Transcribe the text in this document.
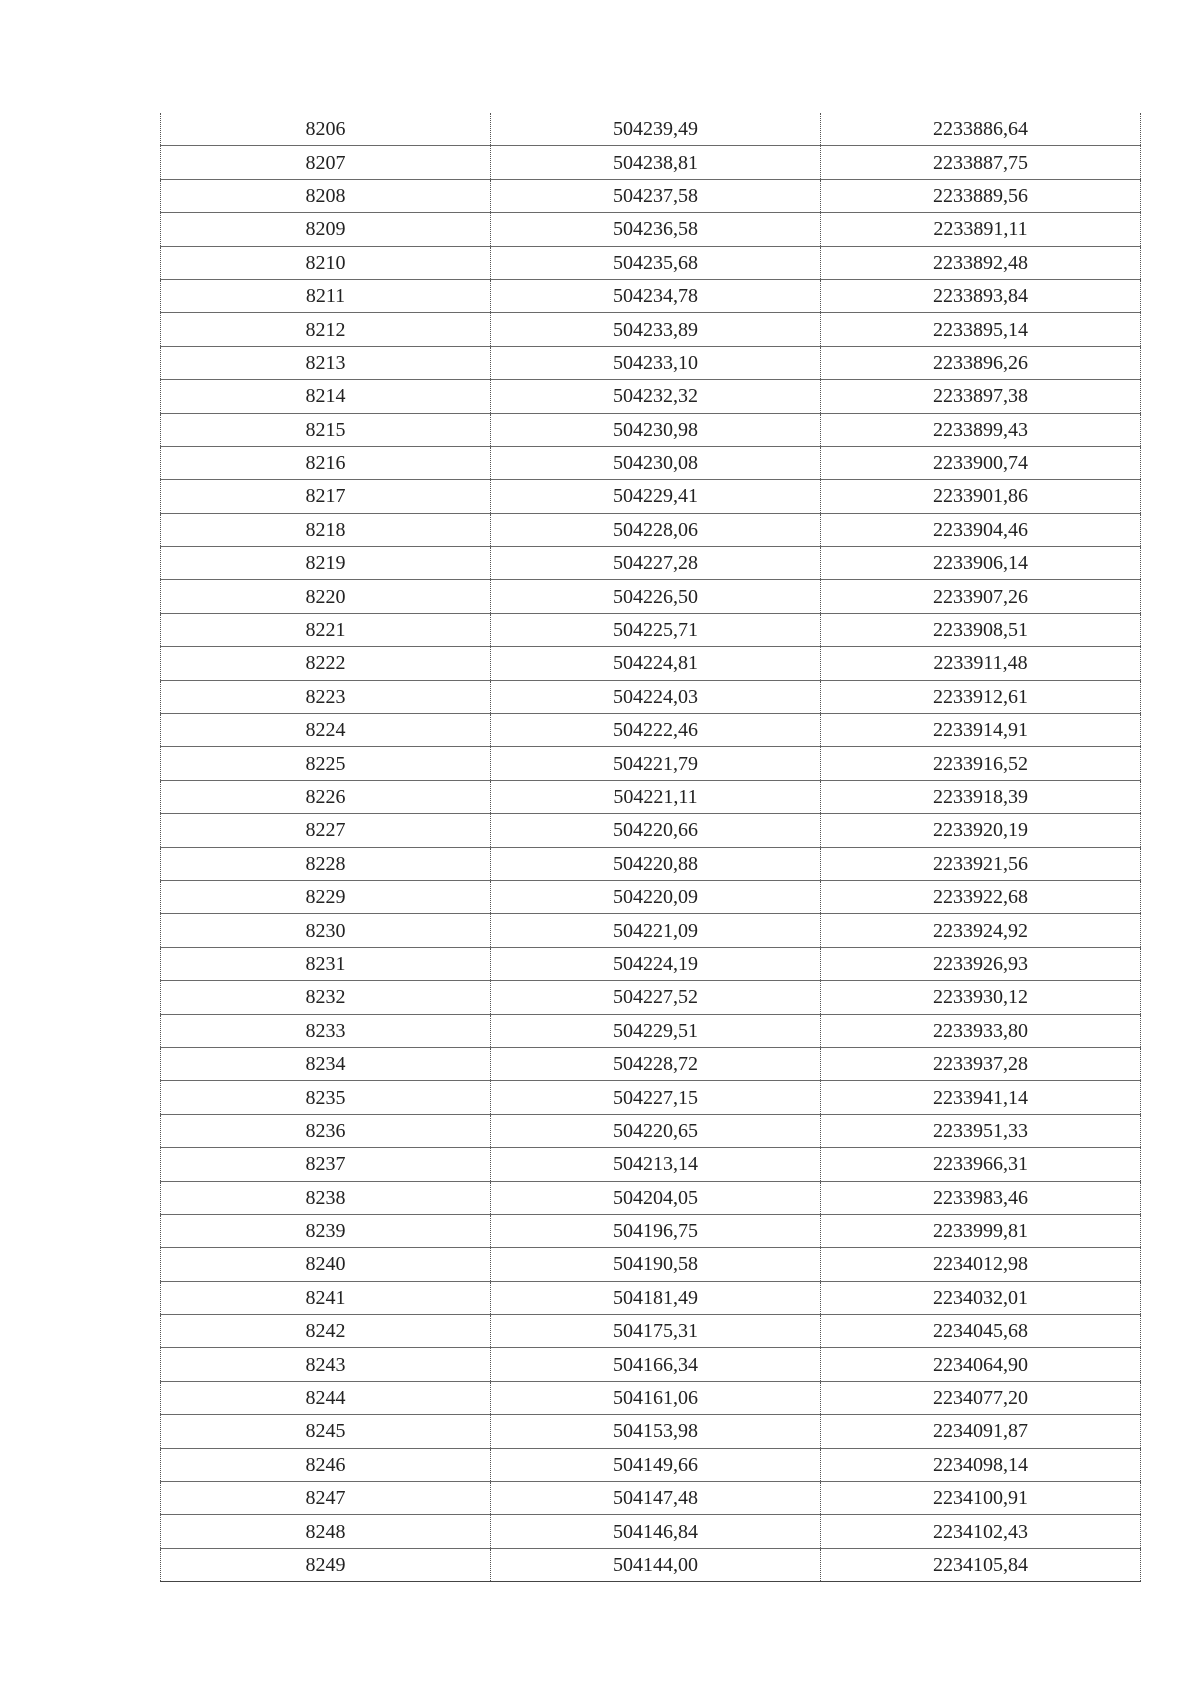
8206	504239,49	2233886,64
8207	504238,81	2233887,75
8208	504237,58	2233889,56
8209	504236,58	2233891,11
8210	504235,68	2233892,48
8211	504234,78	2233893,84
8212	504233,89	2233895,14
8213	504233,10	2233896,26
8214	504232,32	2233897,38
8215	504230,98	2233899,43
8216	504230,08	2233900,74
8217	504229,41	2233901,86
8218	504228,06	2233904,46
8219	504227,28	2233906,14
8220	504226,50	2233907,26
8221	504225,71	2233908,51
8222	504224,81	2233911,48
8223	504224,03	2233912,61
8224	504222,46	2233914,91
8225	504221,79	2233916,52
8226	504221,11	2233918,39
8227	504220,66	2233920,19
8228	504220,88	2233921,56
8229	504220,09	2233922,68
8230	504221,09	2233924,92
8231	504224,19	2233926,93
8232	504227,52	2233930,12
8233	504229,51	2233933,80
8234	504228,72	2233937,28
8235	504227,15	2233941,14
8236	504220,65	2233951,33
8237	504213,14	2233966,31
8238	504204,05	2233983,46
8239	504196,75	2233999,81
8240	504190,58	2234012,98
8241	504181,49	2234032,01
8242	504175,31	2234045,68
8243	504166,34	2234064,90
8244	504161,06	2234077,20
8245	504153,98	2234091,87
8246	504149,66	2234098,14
8247	504147,48	2234100,91
8248	504146,84	2234102,43
8249	504144,00	2234105,84
